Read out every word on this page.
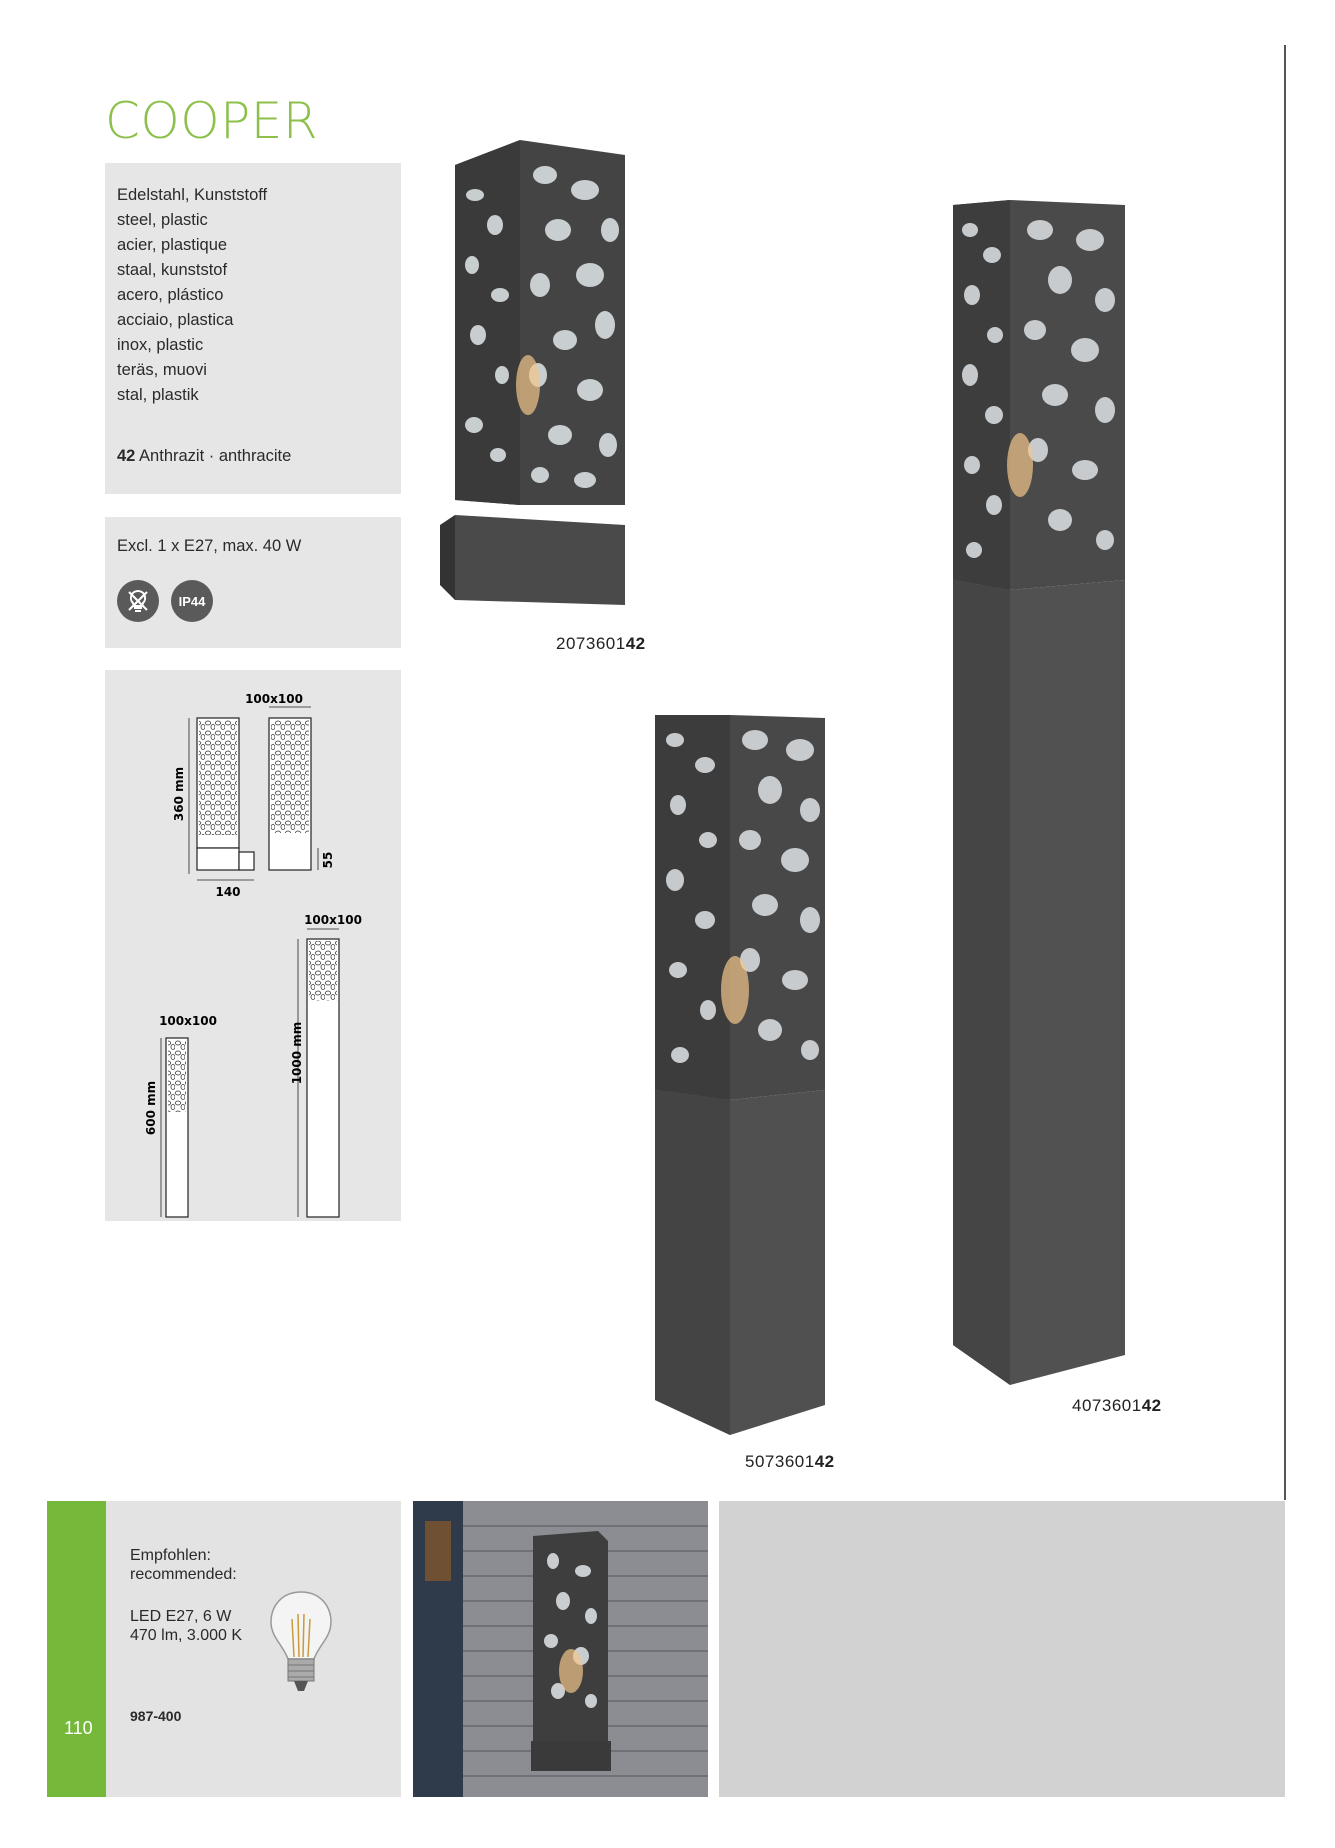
COOPER
Edelstahl, Kunststoff
steel, plastic
acier, plastique
staal, kunststof
acero, plástico
acciaio, plastica
inox, plastic
teräs, muovi
stal, plastik
42 Anthrazit · anthracite
Excl. 1 x E27, max. 40 W
IP44
100x100
360 mm
140
55
100x100
1000 mm
100x100
600 mm
207360142
507360142
407360142
110
Empfohlen:
recommended:
LED E27, 6 W
470 lm, 3.000 K
987-400
